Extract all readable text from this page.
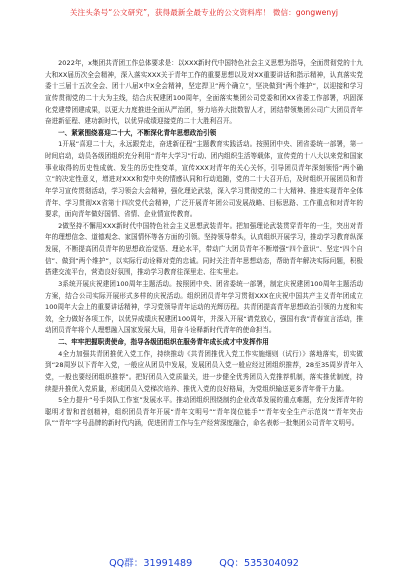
关注头条号“公文研究”，获得最新全最专业的公文资料库！ 微信：gongwenyj

2022年，x集团共青团工作总体要求是：以XXX新时代中国特色社会主义思想为指导，全面贯彻党的十九大和XX届历次全会精神，深入落实XXX关于青年工作的重要思想以及对XX重要讲话和指示精神，认真落实党委十三届十五次全会、团十八届X中X全会精神，坚定捍卫“两个确立”，坚决做到“两个维护”，以迎接和学习宣传贯彻党的二十大为主线，结合庆祝建团100周年，全面落实集团公司党委和团XX省委工作部署，巩固深化党建带团建成果，以更大力度推进全面从严治团，努力培养大批数智人才，团结带领集团公司广大团员青年奋进新征程、建功新时代，以优异成绩迎接党的二十大胜利召开。

一、紧紧围绕喜迎二十大，不断深化青年思想政治引领

1开展“喜迎二十大，永远跟党走，奋进新征程”主题教育实践活动。按照团中央、团省委统一部署，第一时间启动，动员各级团组织充分利用“青年大学习”行动、团内组织生活等载体，宣传党的十八大以来党和国家事业取得的历史性成就、发生的历史性变革，宣传XXX对青年的关心关怀，引导团员青年深刻领悟“两个确立”的决定性意义，增进对XXX和党中央的情感认同和行动追随，党的二十大召开后，及时组织开展团员和青年学习宣传贯彻活动，学习领会大会精神，强化理论武装，深入学习贯彻党的二十大精神、推进实现青年全体青年、学习贯彻XX省第十四次党代会精神，广泛开展青年团公司发展战略、目标思路、工作重点和对青年的要求，面向青年做好国情、省情、企业情宣传教育。

2做坚持不懈用XXX新时代中国特色社会主义思想武装青年。把加强理论武装贯穿青年的一生，突出对青年的理想信念、道德观念、家国情怀等各方面的引领。坚持领导带头，认真组织开展学习，推动学习教育纵深发展，不断提高团员青年的思想政治觉悟、理论水平，带动广大团员青年不断增强“四个意识”、坚定“四个自信”、做到“两个维护”，以实际行动诠释对党的忠诚。同时关注青年思想动态，帮助青年解决实际问题，积极搭建交流平台，营造良好氛围，推动学习教育往深里走、往实里走。

3系统开展庆祝建团100周年主题活动。按照团中央、团省委统一部署，制定庆祝建团100周年主题活动方案，结合公司实际开展形式多样的庆祝活动。组织团员青年学习贯彻XXX在庆祝中国共产主义青年团成立100周年大会上的重要讲话精神，学习党领导青年运动的光辉历程。共青团提高青年思想政治引领的力度和实效，全力做好各项工作，以优异成绩庆祝建团100周年，并深入开展“请党放心，强国有我”青春宣言活动，推动团员青年将个人理想融入国家发展大局，用奋斗诠释新时代青年的使命担当。

二、牢牢把握职责使命，指导各级团组织在服务青年成长成才中发挥作用

4全力加强共青团推优入党工作，持续推动《共青团推优入党工作实施细则（试行）》落地落实，切实做到“28周岁以下青年入党，一般应从团员中发展，发展团员入党一般应经过团组织推荐，28至35周岁青年入党，一般也要经团组织推荐”。把好团员入党质量关，进一步健全优秀团员入党推荐机制，落实推优制度，持续提升推优入党质量，形成团员入党梯次培养、推优入党的良好格局，为党组织输送更多青年骨干力量。

5全力提升“号手岗队工作室”发展水平。推动团组织围绕制约企业改革发展的重点难题，充分发挥青年的聪明才智和首创精神，组织团员青年开展“青年文明号”“青年岗位能手”“青年安全生产示范岗”“青年突击队”“青年”字号品牌的新时代内涵，促进团青工作与生产经营深度融合，命名表彰一批集团公司青年文明号。

QQ群：31991489	QQ：535304092
